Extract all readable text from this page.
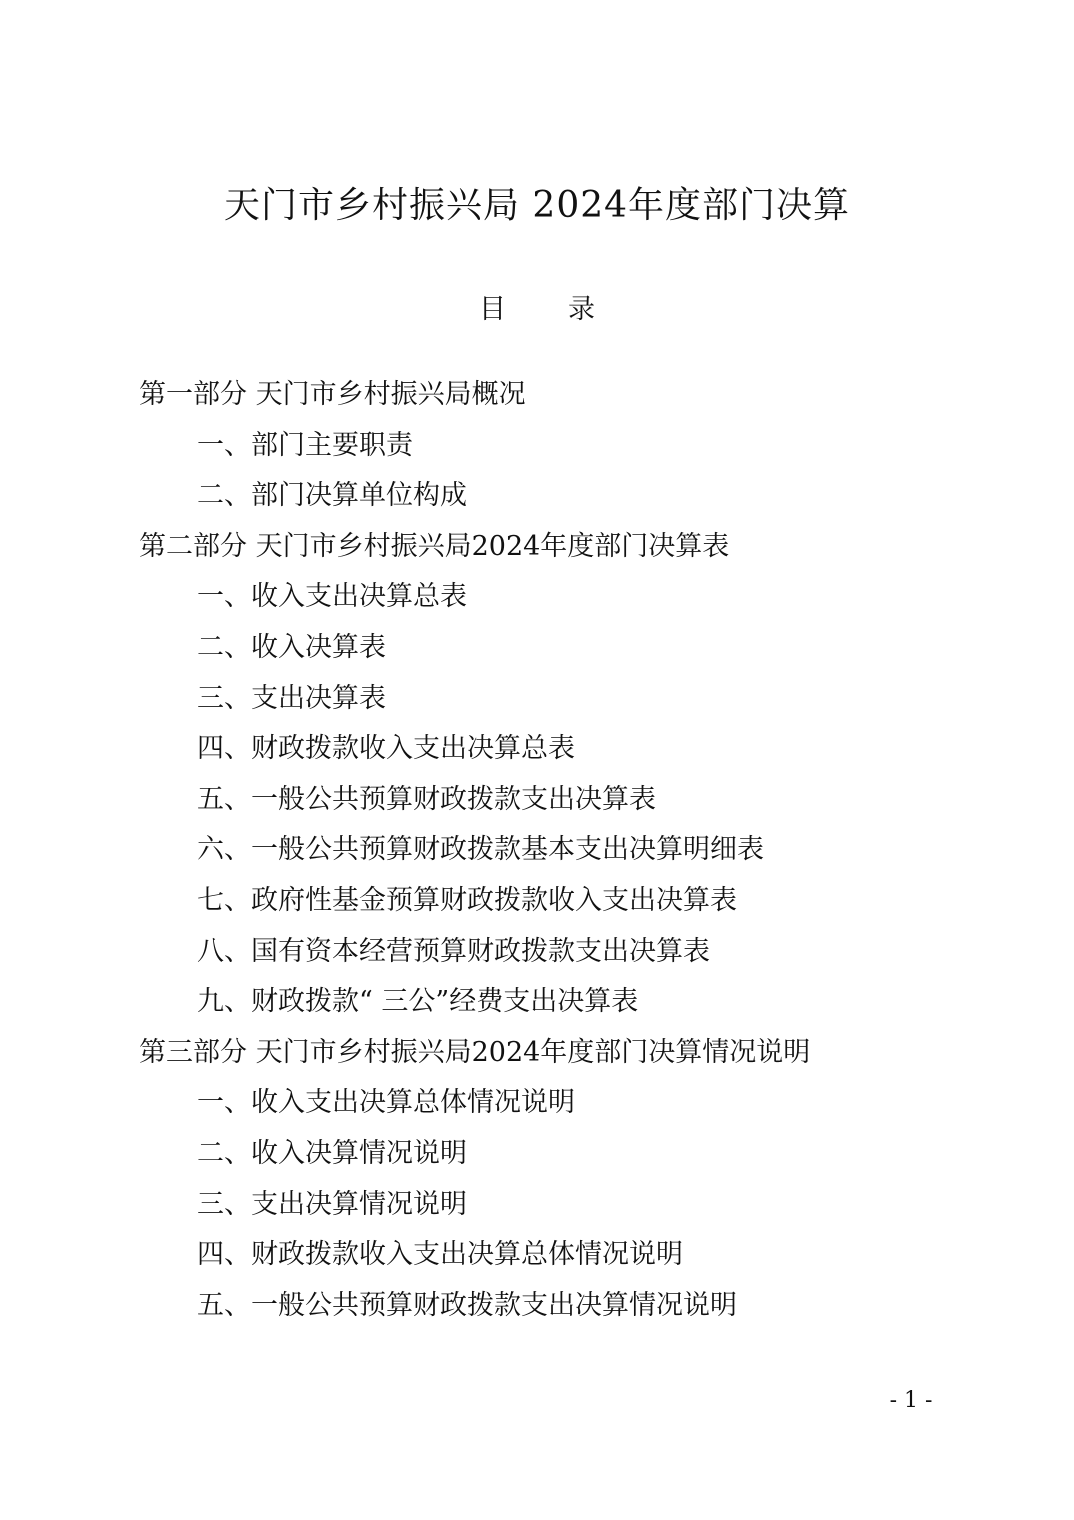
天门市乡村振兴局 2024年度部门决算
目 录
第一部分 天门市乡村振兴局概况
一、部门主要职责
二、部门决算单位构成
第二部分 天门市乡村振兴局2024年度部门决算表
一、收入支出决算总表
二、收入决算表
三、支出决算表
四、财政拨款收入支出决算总表
五、一般公共预算财政拨款支出决算表
六、一般公共预算财政拨款基本支出决算明细表
七、政府性基金预算财政拨款收入支出决算表
八、国有资本经营预算财政拨款支出决算表
九、财政拨款“ 三公”经费支出决算表
第三部分 天门市乡村振兴局2024年度部门决算情况说明
一、收入支出决算总体情况说明
二、收入决算情况说明
三、支出决算情况说明
四、财政拨款收入支出决算总体情况说明
五、一般公共预算财政拨款支出决算情况说明
- 1 -
